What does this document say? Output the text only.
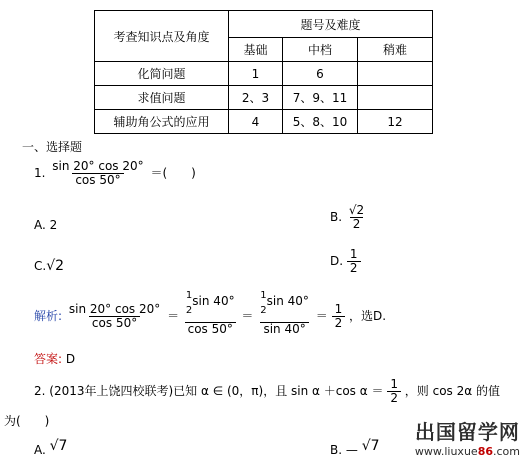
考查知识点及角度	题号及难度		
	基础	中档	稍难
化简问题	1	6	
求值问题	2、3	7、9、11	
辅助角公式的应用	4	5、8、10	12
一、选择题
1. $\frac{\sin 20^\circ \cos 20^\circ}{\cos 50^\circ}$ ＝(　　)
A. 2
B. $\frac{√2}{2}$
C.√2	D. $\frac{1}{2}$
解析: $\frac{\sin 20^\circ \cos 20^\circ}{\cos 50^\circ}$ ＝
$^1$
$^2$sin 40°
cos 50°
＝
$^1$
$^2$sin 40°
sin 40°
＝ $\frac{1}{2}$ ，选D.
答案: D
2. (2013年上饶四校联考)已知 α ∈ (0，π)，且 sin α ＋cos $\alpha = \frac{1}{2}$ ，则 cos 2α 的值
为(　　)
A. √7	B. — √7
出国留学网
www.liuxue86.com
